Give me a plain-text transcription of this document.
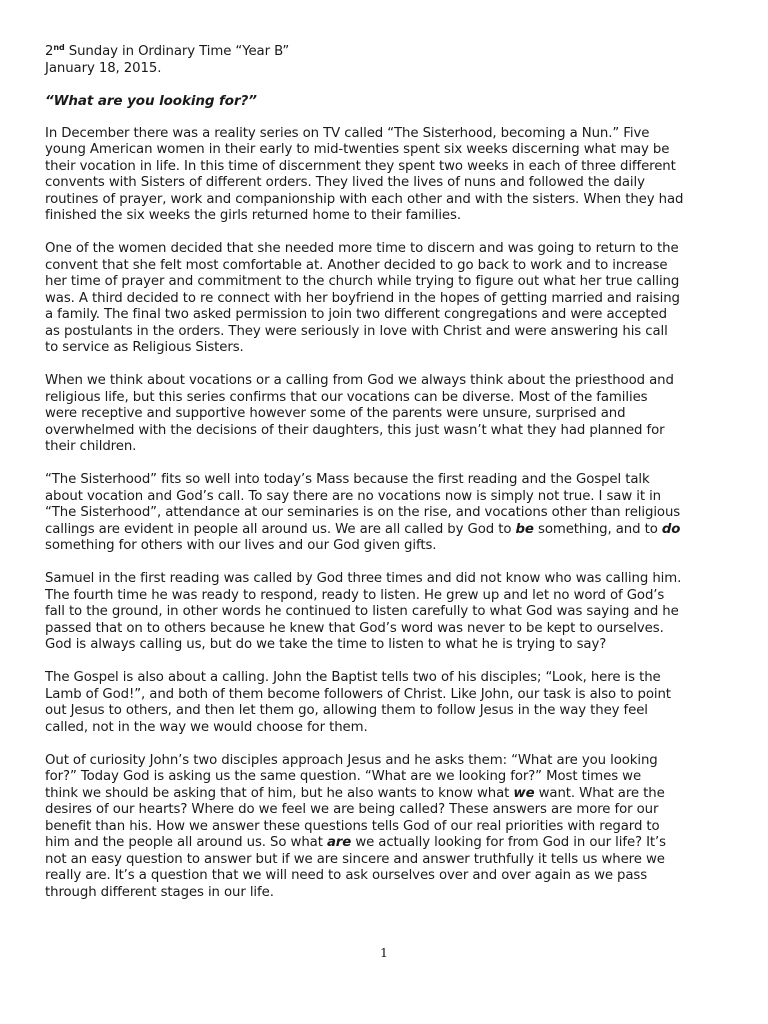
2nd Sunday in Ordinary Time “Year B”

January 18, 2015.

“What are you looking for?”

In December there was a reality series on TV called “The Sisterhood, becoming a Nun.” Five
young American women in their early to mid-twenties spent six weeks discerning what may be
their vocation in life. In this time of discernment they spent two weeks in each of three different
convents with Sisters of different orders. They lived the lives of nuns and followed the daily
routines of prayer, work and companionship with each other and with the sisters. When they had
finished the six weeks the girls returned home to their families.
One of the women decided that she needed more time to discern and was going to return to the
convent that she felt most comfortable at. Another decided to go back to work and to increase
her time of prayer and commitment to the church while trying to figure out what her true calling
was. A third decided to re connect with her boyfriend in the hopes of getting married and raising
a family. The final two asked permission to join two different congregations and were accepted
as postulants in the orders. They were seriously in love with Christ and were answering his call
to service as Religious Sisters.
When we think about vocations or a calling from God we always think about the priesthood and
religious life, but this series confirms that our vocations can be diverse. Most of the families
were receptive and supportive however some of the parents were unsure, surprised and
overwhelmed with the decisions of their daughters, this just wasn’t what they had planned for
their children.
“The Sisterhood” fits so well into today’s Mass because the first reading and the Gospel talk
about vocation and God’s call. To say there are no vocations now is simply not true. I saw it in
“The Sisterhood”, attendance at our seminaries is on the rise, and vocations other than religious
callings are evident in people all around us. We are all called by God to be something, and to do
something for others with our lives and our God given gifts.
Samuel in the first reading was called by God three times and did not know who was calling him.
The fourth time he was ready to respond, ready to listen. He grew up and let no word of God’s
fall to the ground, in other words he continued to listen carefully to what God was saying and he
passed that on to others because he knew that God’s word was never to be kept to ourselves.
God is always calling us, but do we take the time to listen to what he is trying to say?
The Gospel is also about a calling. John the Baptist tells two of his disciples; “Look, here is the
Lamb of God!”, and both of them become followers of Christ. Like John, our task is also to point
out Jesus to others, and then let them go, allowing them to follow Jesus in the way they feel
called, not in the way we would choose for them.
Out of curiosity John’s two disciples approach Jesus and he asks them: “What are you looking
for?” Today God is asking us the same question. “What are we looking for?” Most times we
think we should be asking that of him, but he also wants to know what we want. What are the
desires of our hearts? Where do we feel we are being called? These answers are more for our
benefit than his. How we answer these questions tells God of our real priorities with regard to
him and the people all around us. So what are we actually looking for from God in our life? It’s
not an easy question to answer but if we are sincere and answer truthfully it tells us where we
really are. It’s a question that we will need to ask ourselves over and over again as we pass
through different stages in our life.
1
